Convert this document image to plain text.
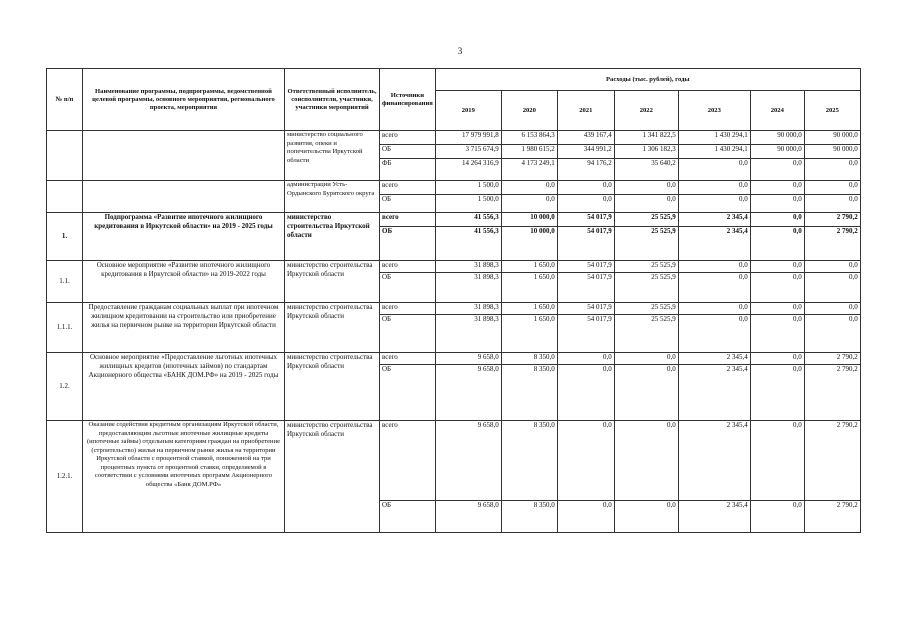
3
№ п/п	Наименование программы, подпрограммы, ведомственной целевой программы, основного мероприятия, регионального проекта, мероприятия	Ответственный исполнитель, соисполнители, участники, участники мероприятий	Источники финансирования	Расходы (тыс. рублей), годы						
				2019	2020	2021	2022	2023	2024	2025
		министерство социального развития, опеки и попечительства Иркутской области	всего	17 979 991,8	6 153 864,3	439 167,4	1 341 822,5	1 430 294,1	90 000,0	90 000,0
			ОБ	3 715 674,9	1 980 615,2	344 991,2	1 306 182,3	1 430 294,1	90 000,0	90 000,0
			ФБ	14 264 316,9	4 173 249,1	94 176,2	35 640,2	0,0	0,0	0,0
		администрации Усть-Ордынского Бурятского округа	всего	1 500,0	0,0	0,0	0,0	0,0	0,0	0,0
			ОБ	1 500,0	0,0	0,0	0,0	0,0	0,0	0,0
1.	Подпрограмма «Развитие ипотечного жилищного кредитования в Иркутской области» на 2019 - 2025 годы	министерство строительства Иркутской области	всего	41 556,3	10 000,0	54 017,9	25 525,9	2 345,4	0,0	2 790,2
			ОБ	41 556,3	10 000,0	54 017,9	25 525,9	2 345,4	0,0	2 790,2
1.1.	Основное мероприятие «Развитие ипотечного жилищного кредитования в Иркутской области» на 2019-2022 годы	министерство строительства Иркутской области	всего	31 898,3	1 650,0	54 017,9	25 525,9	0,0	0,0	0,0
			ОБ	31 898,3	1 650,0	54 017,9	25 525,9	0,0	0,0	0,0
1.1.1.	Предоставление гражданам социальных выплат при ипотечном жилищном кредитовании на строительство или приобретение жилья на первичном рынке на территории Иркутской области	министерство строительства Иркутской области	всего	31 898,3	1 650,0	54 017,9	25 525,9	0,0	0,0	0,0
			ОБ	31 898,3	1 650,0	54 017,9	25 525,9	0,0	0,0	0,0
1.2.	Основное мероприятие «Предоставление льготных ипотечных жилищных кредитов (ипотечных займов) по стандартам Акционерного общества «БАНК ДОМ.РФ» на 2019 - 2025 годы	министерство строительства Иркутской области	всего	9 658,0	8 350,0	0,0	0,0	2 345,4	0,0	2 790,2
			ОБ	9 658,0	8 350,0	0,0	0,0	2 345,4	0,0	2 790,2
1.2.1.	Оказание содействия кредитным организациям Иркутской области, предоставляющим льготные ипотечные жилищные кредиты (ипотечные займы) отдельным категориям граждан на приобретение (строительство) жилья на первичном рынке жилья на территории Иркутской области с процентной ставкой, пониженной на три процентных пункта от процентной ставки, определяемой в соответствии с условиями ипотечных программ Акционерного общества «Банк ДОМ.РФ»	министерство строительства Иркутской области	всего	9 658,0	8 350,0	0,0	0,0	2 345,4	0,0	2 790,2
			ОБ	9 658,0	8 350,0	0,0	0,0	2 345,4	0,0	2 790,2
